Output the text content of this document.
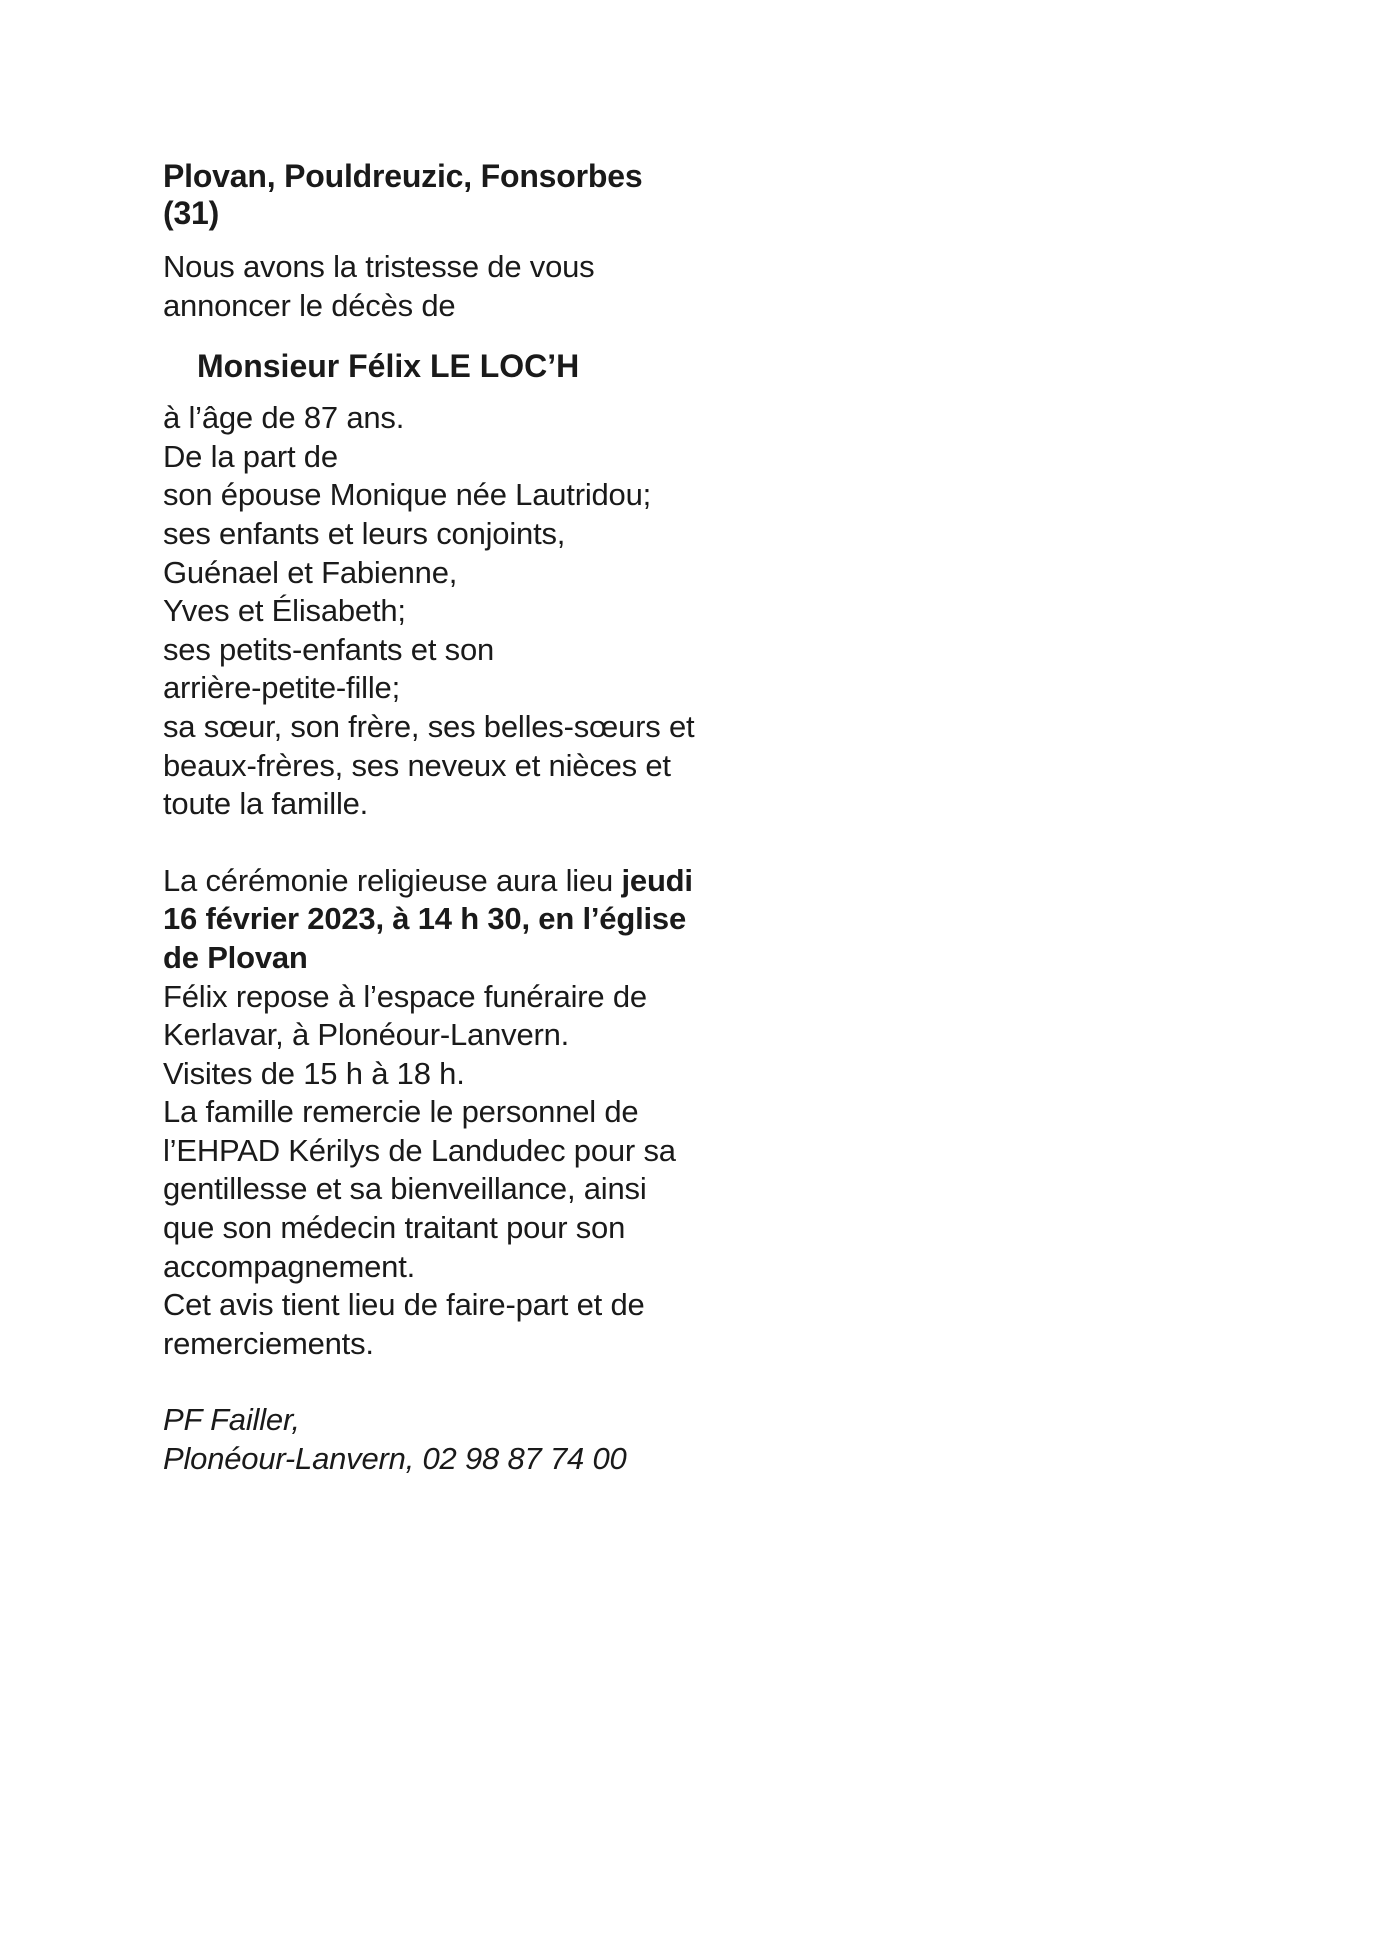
Plovan, Pouldreuzic, Fonsorbes
(31)
Nous avons la tristesse de vous
annoncer le décès de
Monsieur Félix LE LOC’H
à l’âge de 87 ans.
De la part de
son épouse Monique née Lautridou;
ses enfants et leurs conjoints,
Guénael et Fabienne,
Yves et Élisabeth;
ses petits-enfants et son
arrière-petite-fille;
sa sœur, son frère, ses belles-sœurs et
beaux-frères, ses neveux et nièces et
toute la famille.
La cérémonie religieuse aura lieu jeudi
16 février 2023, à 14 h 30, en l’église
de Plovan
Félix repose à l’espace funéraire de
Kerlavar, à Plonéour-Lanvern.
Visites de 15 h à 18 h.
La famille remercie le personnel de
l’EHPAD Kérilys de Landudec pour sa
gentillesse et sa bienveillance, ainsi
que son médecin traitant pour son
accompagnement.
Cet avis tient lieu de faire-part et de
remerciements.
PF Failler,
Plonéour-Lanvern, 02 98 87 74 00
